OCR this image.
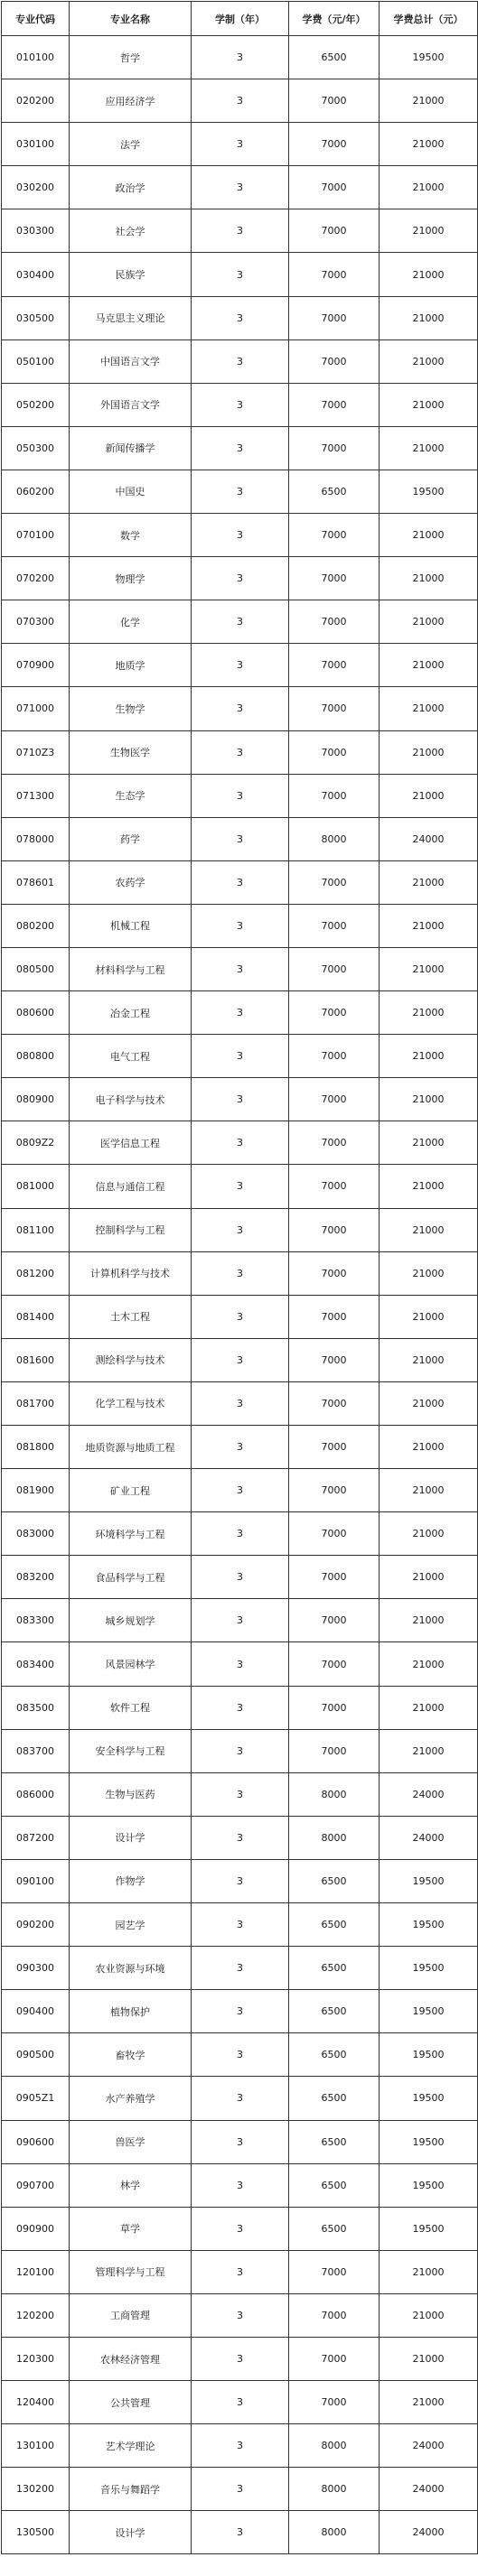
专业代码	专业名称	学制（年）	学费（元/年）	学费总计（元）
010100	哲学	3	6500	19500
020200	应用经济学	3	7000	21000
030100	法学	3	7000	21000
030200	政治学	3	7000	21000
030300	社会学	3	7000	21000
030400	民族学	3	7000	21000
030500	马克思主义理论	3	7000	21000
050100	中国语言文学	3	7000	21000
050200	外国语言文学	3	7000	21000
050300	新闻传播学	3	7000	21000
060200	中国史	3	6500	19500
070100	数学	3	7000	21000
070200	物理学	3	7000	21000
070300	化学	3	7000	21000
070900	地质学	3	7000	21000
071000	生物学	3	7000	21000
0710Z3	生物医学	3	7000	21000
071300	生态学	3	7000	21000
078000	药学	3	8000	24000
078601	农药学	3	7000	21000
080200	机械工程	3	7000	21000
080500	材料科学与工程	3	7000	21000
080600	冶金工程	3	7000	21000
080800	电气工程	3	7000	21000
080900	电子科学与技术	3	7000	21000
0809Z2	医学信息工程	3	7000	21000
081000	信息与通信工程	3	7000	21000
081100	控制科学与工程	3	7000	21000
081200	计算机科学与技术	3	7000	21000
081400	土木工程	3	7000	21000
081600	测绘科学与技术	3	7000	21000
081700	化学工程与技术	3	7000	21000
081800	地质资源与地质工程	3	7000	21000
081900	矿业工程	3	7000	21000
083000	环境科学与工程	3	7000	21000
083200	食品科学与工程	3	7000	21000
083300	城乡规划学	3	7000	21000
083400	风景园林学	3	7000	21000
083500	软件工程	3	7000	21000
083700	安全科学与工程	3	7000	21000
086000	生物与医药	3	8000	24000
087200	设计学	3	8000	24000
090100	作物学	3	6500	19500
090200	园艺学	3	6500	19500
090300	农业资源与环境	3	6500	19500
090400	植物保护	3	6500	19500
090500	畜牧学	3	6500	19500
0905Z1	水产养殖学	3	6500	19500
090600	兽医学	3	6500	19500
090700	林学	3	6500	19500
090900	草学	3	6500	19500
120100	管理科学与工程	3	7000	21000
120200	工商管理	3	7000	21000
120300	农林经济管理	3	7000	21000
120400	公共管理	3	7000	21000
130100	艺术学理论	3	8000	24000
130200	音乐与舞蹈学	3	8000	24000
130500	设计学	3	8000	24000
